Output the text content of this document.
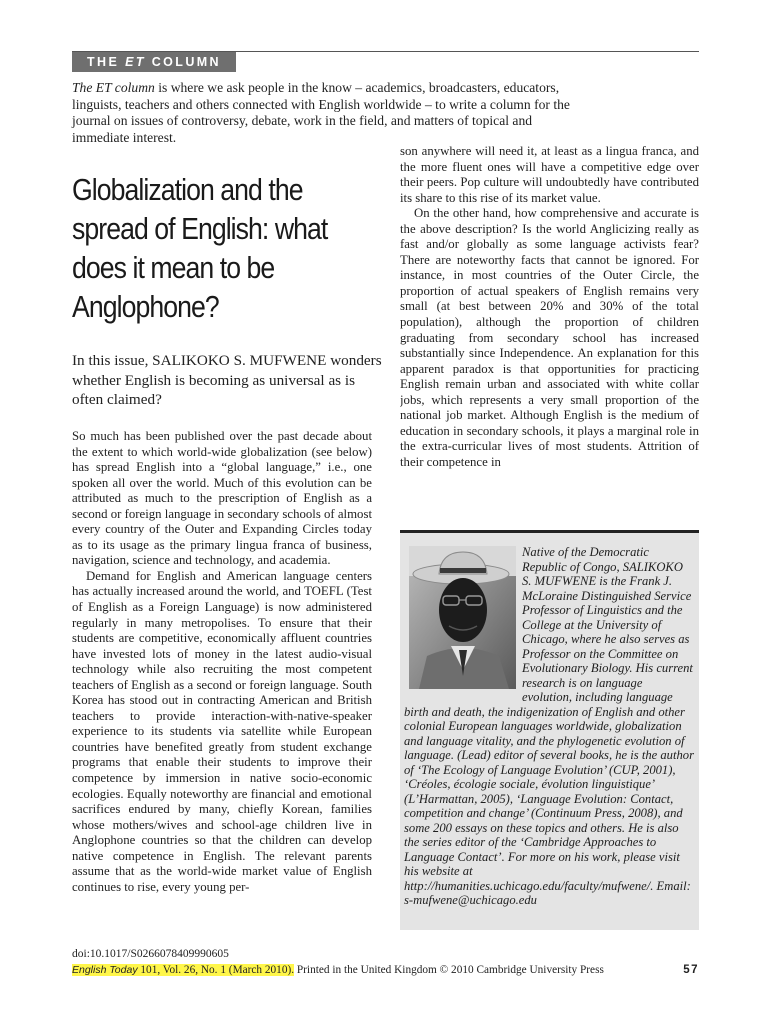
THE ET COLUMN

The ET column is where we ask people in the know – academics, broadcasters, educators, linguists, teachers and others connected with English worldwide – to write a column for the journal on issues of controversy, debate, work in the field, and matters of topical and immediate interest.

Globalization and the spread of English: what does it mean to be Anglophone?

In this issue, SALIKOKO S. MUFWENE wonders whether English is becoming as universal as is often claimed?

So much has been published over the past decade about the extent to which world-wide globalization (see below) has spread English into a “global language,” i.e., one spoken all over the world. Much of this evolution can be attributed as much to the prescription of English as a second or foreign language in secondary schools of almost every country of the Outer and Expanding Circles today as to its usage as the primary lingua franca of business, navigation, science and technology, and academia.

Demand for English and American language centers has actually increased around the world, and TOEFL (Test of English as a Foreign Language) is now administered regularly in many metropolises. To ensure that their students are competitive, economically affluent countries have invested lots of money in the latest audio-visual technology while also recruiting the most competent teachers of English as a second or foreign language. South Korea has stood out in contracting American and British teachers to provide interaction-with-native-speaker experience to its students via satellite while European countries have benefited greatly from student exchange programs that enable their students to improve their competence by immersion in native socio-economic ecologies. Equally noteworthy are financial and emotional sacrifices endured by many, chiefly Korean, families whose mothers/wives and school-age children live in Anglophone countries so that the children can develop native competence in English. The relevant parents assume that as the world-wide market value of English continues to rise, every young per-

son anywhere will need it, at least as a lingua franca, and the more fluent ones will have a competitive edge over their peers. Pop culture will undoubtedly have contributed its share to this rise of its market value.

On the other hand, how comprehensive and accurate is the above description? Is the world Anglicizing really as fast and/or globally as some language activists fear? There are noteworthy facts that cannot be ignored. For instance, in most countries of the Outer Circle, the proportion of actual speakers of English remains very small (at best between 20% and 30% of the total population), although the proportion of children graduating from secondary school has increased substantially since Independence. An explanation for this apparent paradox is that opportunities for practicing English remain urban and associated with white collar jobs, which represents a very small proportion of the national job market. Although English is the medium of education in secondary schools, it plays a marginal role in the extra-curricular lives of most students. Attrition of their competence in

Native of the Democratic Republic of Congo, SALIKOKO S. MUFWENE is the Frank J. McLoraine Distinguished Service Professor of Linguistics and the College at the University of Chicago, where he also serves as Professor on the Committee on Evolutionary Biology. His current research is on language evolution, including language birth and death, the indigenization of English and other colonial European languages worldwide, globalization and language vitality, and the phylogenetic evolution of language. (Lead) editor of several books, he is the author of ‘The Ecology of Language Evolution’ (CUP, 2001), ‘Créoles, écologie sociale, évolution linguistique’ (L’Harmattan, 2005), ‘Language Evolution: Contact, competition and change’ (Continuum Press, 2008), and some 200 essays on these topics and others. He is also the series editor of the ‘Cambridge Approaches to Language Contact’. For more on his work, please visit his website at http://humanities.uchicago.edu/faculty/mufwene/. Email: s-mufwene@uchicago.edu
doi:10.1017/S0266078409990605
English Today 101, Vol. 26, No. 1 (March 2010). Printed in the United Kingdom © 2010 Cambridge University Press	57
